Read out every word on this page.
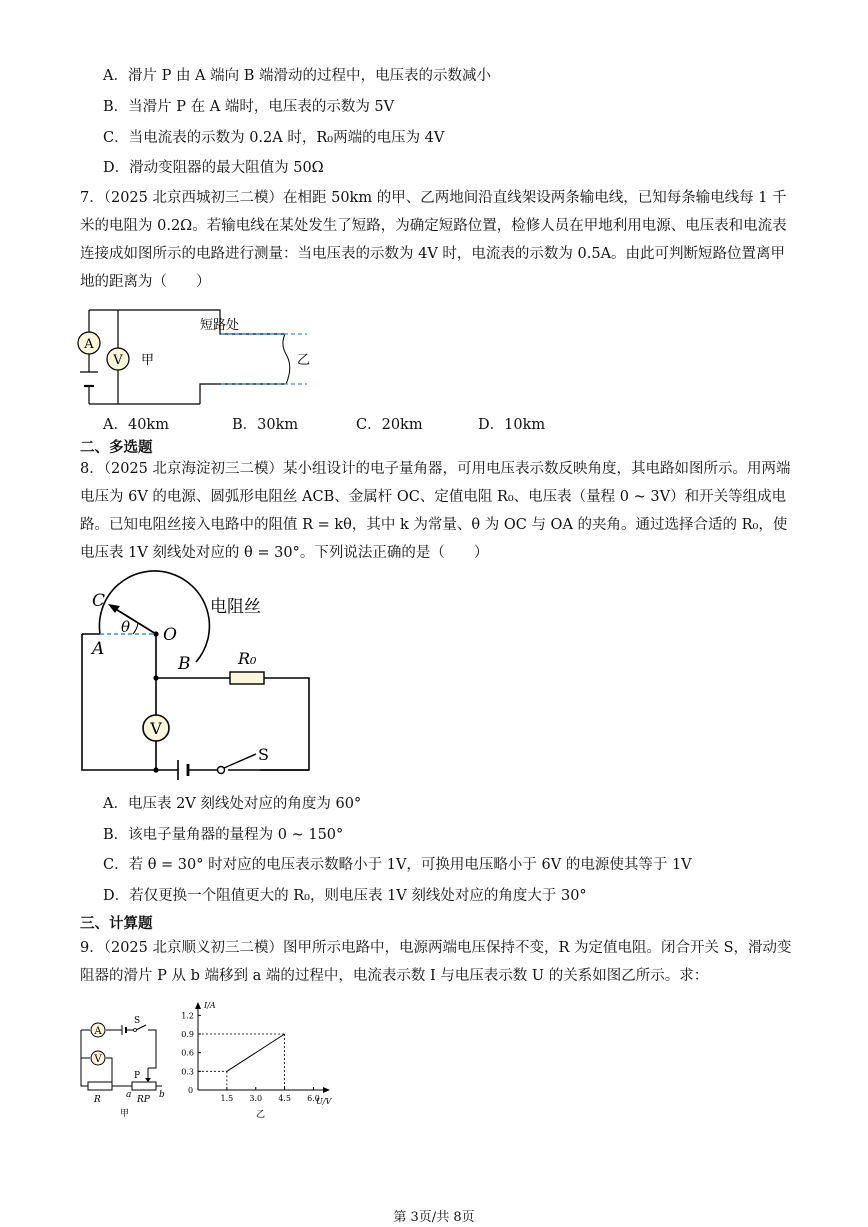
A．滑片 P 由 A 端向 B 端滑动的过程中，电压表的示数减小
B．当滑片 P 在 A 端时，电压表的示数为 5V
C．当电流表的示数为 0.2A 时，R₀两端的电压为 4V
D．滑动变阻器的最大阻值为 50Ω
7．（2025 北京西城初三二模）在相距 50km 的甲、乙两地间沿直线架设两条输电线，已知每条输电线每 1 千米的电阻为 0.2Ω。若输电线在某处发生了短路，为确定短路位置，检修人员在甲地利用电源、电压表和电流表连接成如图所示的电路进行测量：当电压表的示数为 4V 时，电流表的示数为 0.5A。由此可判断短路位置离甲地的距离为（　　）
A
V 甲
短路处
乙
A．40km	B．30km	C．20km	D．10km
二、多选题
8．（2025 北京海淀初三二模）某小组设计的电子量角器，可用电压表示数反映角度，其电路如图所示。用两端电压为 6V 的电源、圆弧形电阻丝 ACB、金属杆 OC、定值电阻 R₀、电压表（量程 0 ~ 3V）和开关等组成电路。已知电阻丝接入电路中的阻值 R = kθ，其中 k 为常量、θ 为 OC 与 OA 的夹角。通过选择合适的 R₀，使电压表 1V 刻线处对应的 θ = 30°。下列说法正确的是（　　）
V
C
A
O
B
θ
电阻丝
R₀
S
A．电压表 2V 刻线处对应的角度为 60°
B．该电子量角器的量程为 0 ~ 150°
C．若 θ = 30° 时对应的电压表示数略小于 1V，可换用电压略小于 6V 的电源使其等于 1V
D．若仅更换一个阻值更大的 R₀，则电压表 1V 刻线处对应的角度大于 30°
三、计算题
9．（2025 北京顺义初三二模）图甲所示电路中，电源两端电压保持不变，R 为定值电阻。闭合开关 S，滑动变阻器的滑片 P 从 b 端移到 a 端的过程中，电流表示数 I 与电压表示数 U 的关系如图乙所示。求：
A
V
S
P
R	RP
a	b
甲
1.5 3.0 4.5 6.0
0.3
0.6
0.9
1.2
I/A
U/V
0
乙
第 3页/共 8页
